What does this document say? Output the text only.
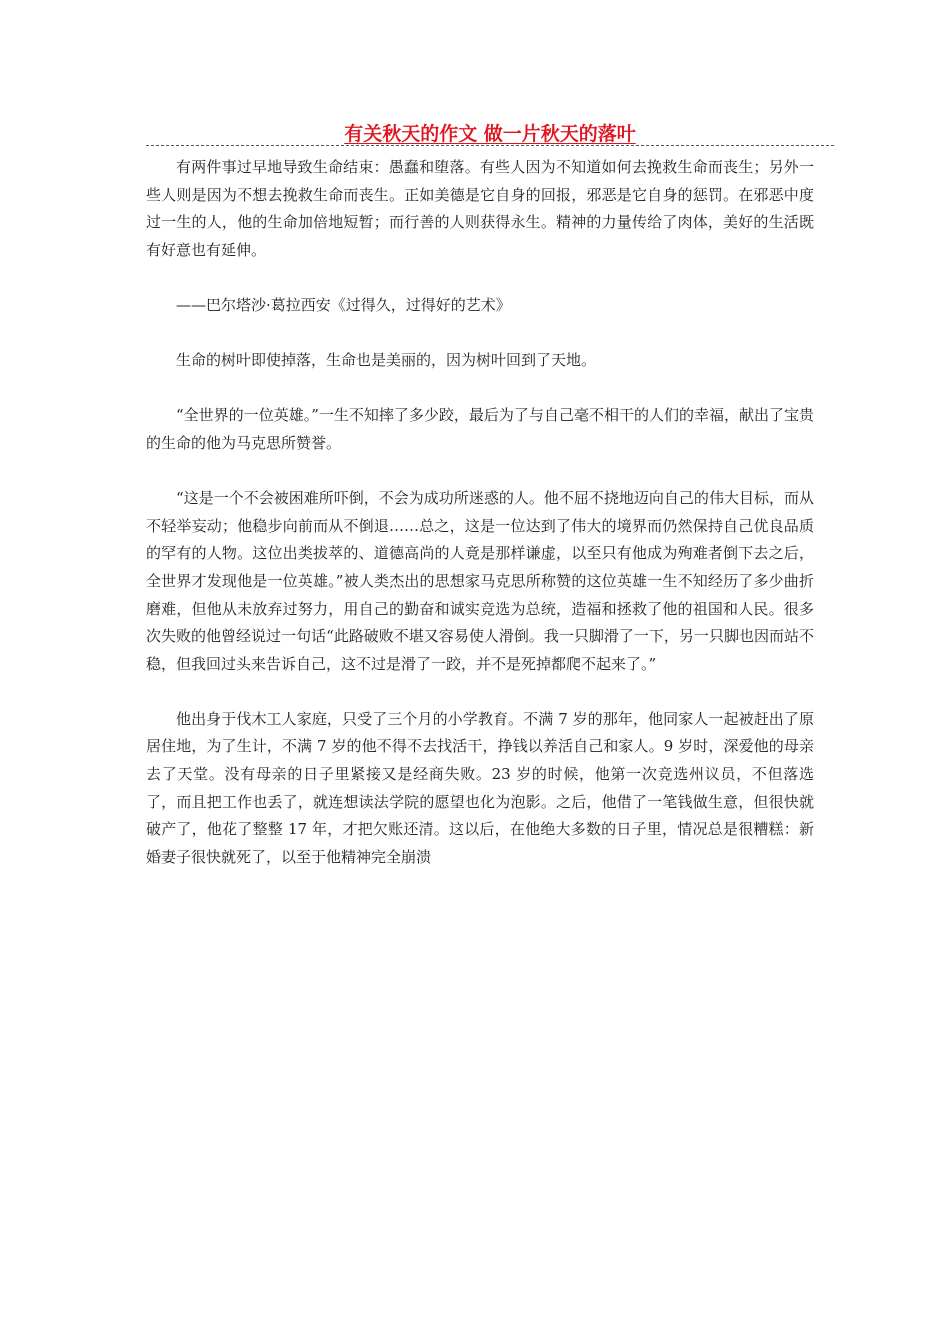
有关秋天的作文 做一片秋天的落叶

有两件事过早地导致生命结束：愚蠢和堕落。有些人因为不知道如何去挽救生命而丧生；另外一些人则是因为不想去挽救生命而丧生。正如美德是它自身的回报，邪恶是它自身的惩罚。在邪恶中度过一生的人，他的生命加倍地短暂；而行善的人则获得永生。精神的力量传给了肉体，美好的生活既有好意也有延伸。

——巴尔塔沙·葛拉西安《过得久，过得好的艺术》

生命的树叶即使掉落，生命也是美丽的，因为树叶回到了天地。

“全世界的一位英雄。”一生不知摔了多少跤，最后为了与自己毫不相干的人们的幸福，献出了宝贵的生命的他为马克思所赞誉。

“这是一个不会被困难所吓倒，不会为成功所迷惑的人。他不屈不挠地迈向自己的伟大目标，而从不轻举妄动；他稳步向前而从不倒退……总之，这是一位达到了伟大的境界而仍然保持自己优良品质的罕有的人物。这位出类拔萃的、道德高尚的人竟是那样谦虚，以至只有他成为殉难者倒下去之后，全世界才发现他是一位英雄。”被人类杰出的思想家马克思所称赞的这位英雄一生不知经历了多少曲折磨难，但他从未放弃过努力，用自己的勤奋和诚实竞选为总统，造福和拯救了他的祖国和人民。很多次失败的他曾经说过一句话“此路破败不堪又容易使人滑倒。我一只脚滑了一下，另一只脚也因而站不稳，但我回过头来告诉自己，这不过是滑了一跤，并不是死掉都爬不起来了。”

他出身于伐木工人家庭，只受了三个月的小学教育。不满 7 岁的那年，他同家人一起被赶出了原居住地，为了生计，不满 7 岁的他不得不去找活干，挣钱以养活自己和家人。9 岁时，深爱他的母亲去了天堂。没有母亲的日子里紧接又是经商失败。23 岁的时候，他第一次竞选州议员，不但落选了，而且把工作也丢了，就连想读法学院的愿望也化为泡影。之后，他借了一笔钱做生意，但很快就破产了，他花了整整 17 年，才把欠账还清。这以后，在他绝大多数的日子里，情况总是很糟糕：新婚妻子很快就死了，以至于他精神完全崩溃
